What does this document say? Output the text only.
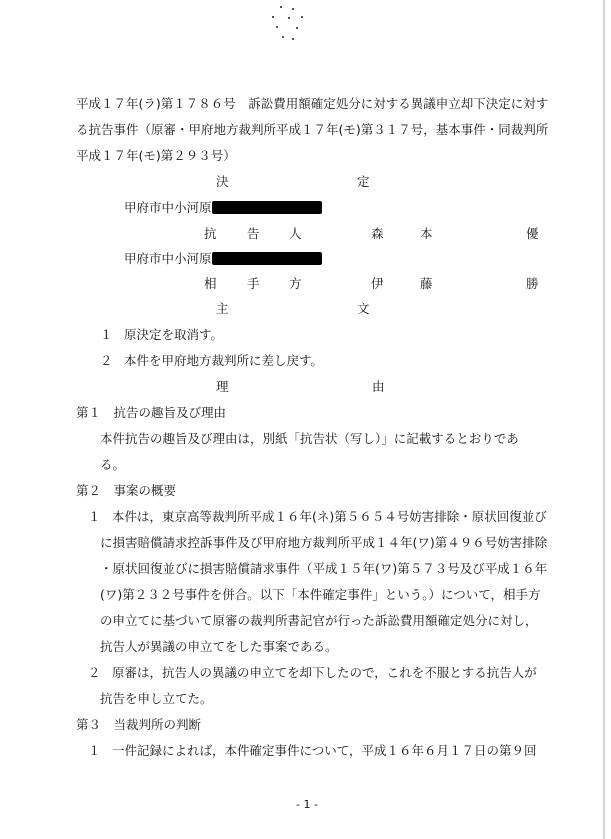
平成１７年(ラ)第１７８６号　訴訟費用額確定処分に対する異議申立却下決定に対す
る抗告事件（原審・甲府地方裁判所平成１７年(モ)第３１７号，基本事件・同裁判所
平成１７年(モ)第２９３号）
決	定
甲府市中小河原
抗 告 人	森	本	優
甲府市中小河原
相 手 方	伊	藤	勝
主	文
１ 原決定を取消す。
２ 本件を甲府地方裁判所に差し戻す。
理	由
第１　抗告の趣旨及び理由
本件抗告の趣旨及び理由は，別紙「抗告状（写し）」に記載するとおりであ
る。
第２　事案の概要
１ 本件は，東京高等裁判所平成１６年(ネ)第５６５４号妨害排除・原状回復並び
に損害賠償請求控訴事件及び甲府地方裁判所平成１４年(ワ)第４９６号妨害排除
・原状回復並びに損害賠償請求事件（平成１５年(ワ)第５７３号及び平成１６年
(ワ)第２３２号事件を併合。以下「本件確定事件」という。）について，相手方
の申立てに基づいて原審の裁判所書記官が行った訴訟費用額確定処分に対し，
抗告人が異議の申立てをした事案である。
２ 原審は，抗告人の異議の申立てを却下したので，これを不服とする抗告人が
抗告を申し立てた。
第３　当裁判所の判断
１ 一件記録によれば，本件確定事件について，平成１６年６月１７日の第９回
- 1 -
